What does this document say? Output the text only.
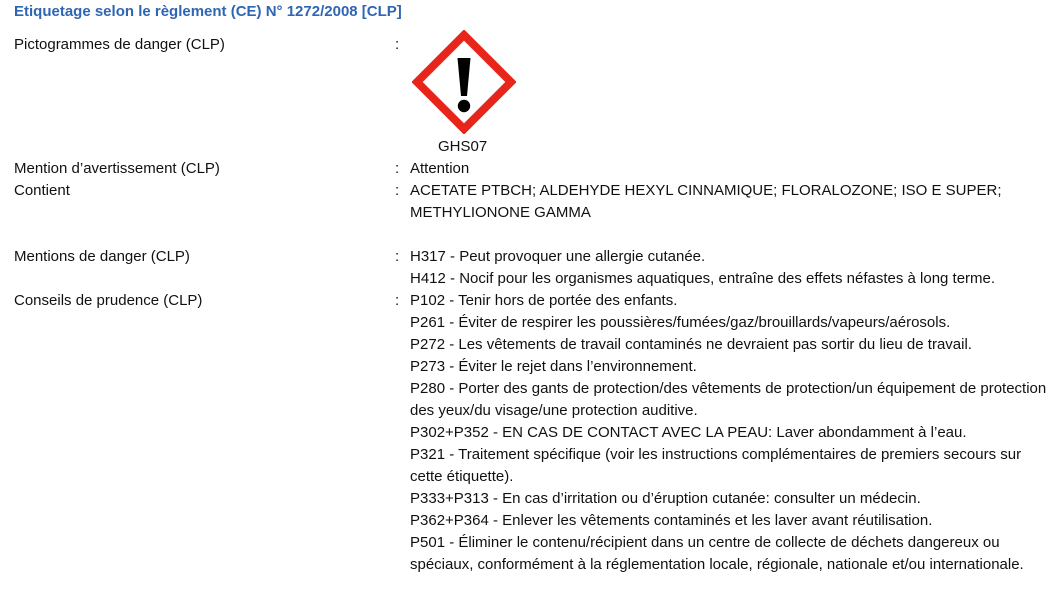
Etiquetage selon le règlement (CE) N° 1272/2008 [CLP]
Pictogrammes de danger (CLP)	:
GHS07
Mention d’avertissement (CLP)	: Attention
Contient	: ACETATE PTBCH; ALDEHYDE HEXYL CINNAMIQUE; FLORALOZONE; ISO E SUPER;
METHYLIONONE GAMMA
Mentions de danger (CLP)	: H317 - Peut provoquer une allergie cutanée.
H412 - Nocif pour les organismes aquatiques, entraîne des effets néfastes à long terme.
Conseils de prudence (CLP)	: P102 - Tenir hors de portée des enfants.
P261 - Éviter de respirer les poussières/fumées/gaz/brouillards/vapeurs/aérosols.
P272 - Les vêtements de travail contaminés ne devraient pas sortir du lieu de travail.
P273 - Éviter le rejet dans l’environnement.
P280 - Porter des gants de protection/des vêtements de protection/un équipement de protection des yeux/du visage/une protection auditive.
P302+P352 - EN CAS DE CONTACT AVEC LA PEAU: Laver abondamment à l’eau.
P321 - Traitement spécifique (voir les instructions complémentaires de premiers secours sur cette étiquette).
P333+P313 - En cas d’irritation ou d’éruption cutanée: consulter un médecin.
P362+P364 - Enlever les vêtements contaminés et les laver avant réutilisation.
P501 - Éliminer le contenu/récipient dans un centre de collecte de déchets dangereux ou spéciaux, conformément à la réglementation locale, régionale, nationale et/ou internationale.
